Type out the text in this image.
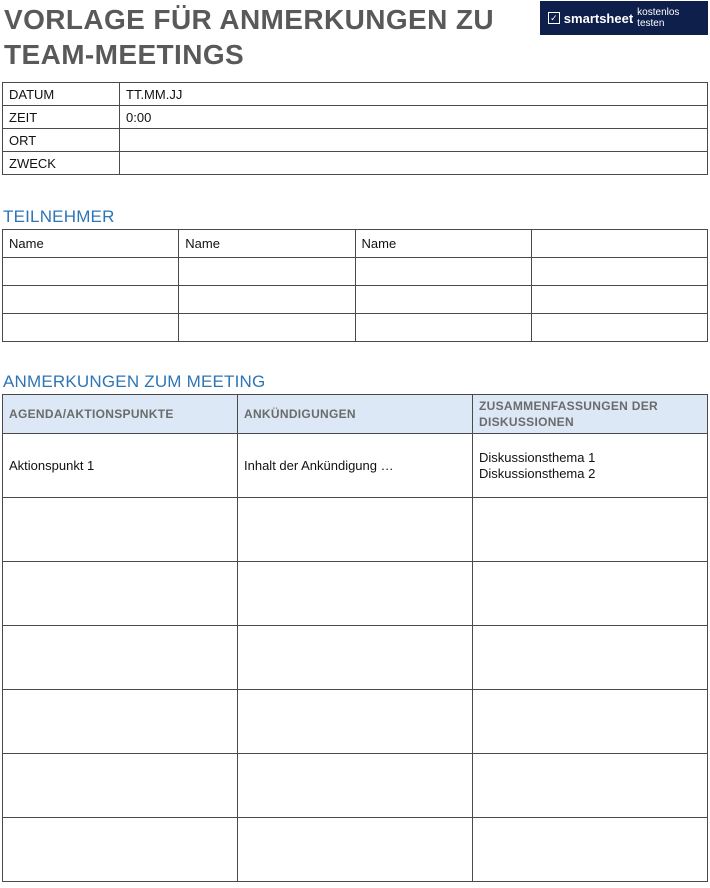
VORLAGE FÜR ANMERKUNGEN ZU TEAM-MEETINGS
✓ smartsheet kostenlos testen
DATUM	TT.MM.JJ
ZEIT	0:00
ORT	
ZWECK	
TEILNEHMER
Name	Name	Name	

ANMERKUNGEN ZUM MEETING
AGENDA/AKTIONSPUNKTE	ANKÜNDIGUNGEN	ZUSAMMENFASSUNGEN DER DISKUSSIONEN
Aktionspunkt 1	Inhalt der Ankündigung …	Diskussionsthema 1
Diskussionsthema 2
